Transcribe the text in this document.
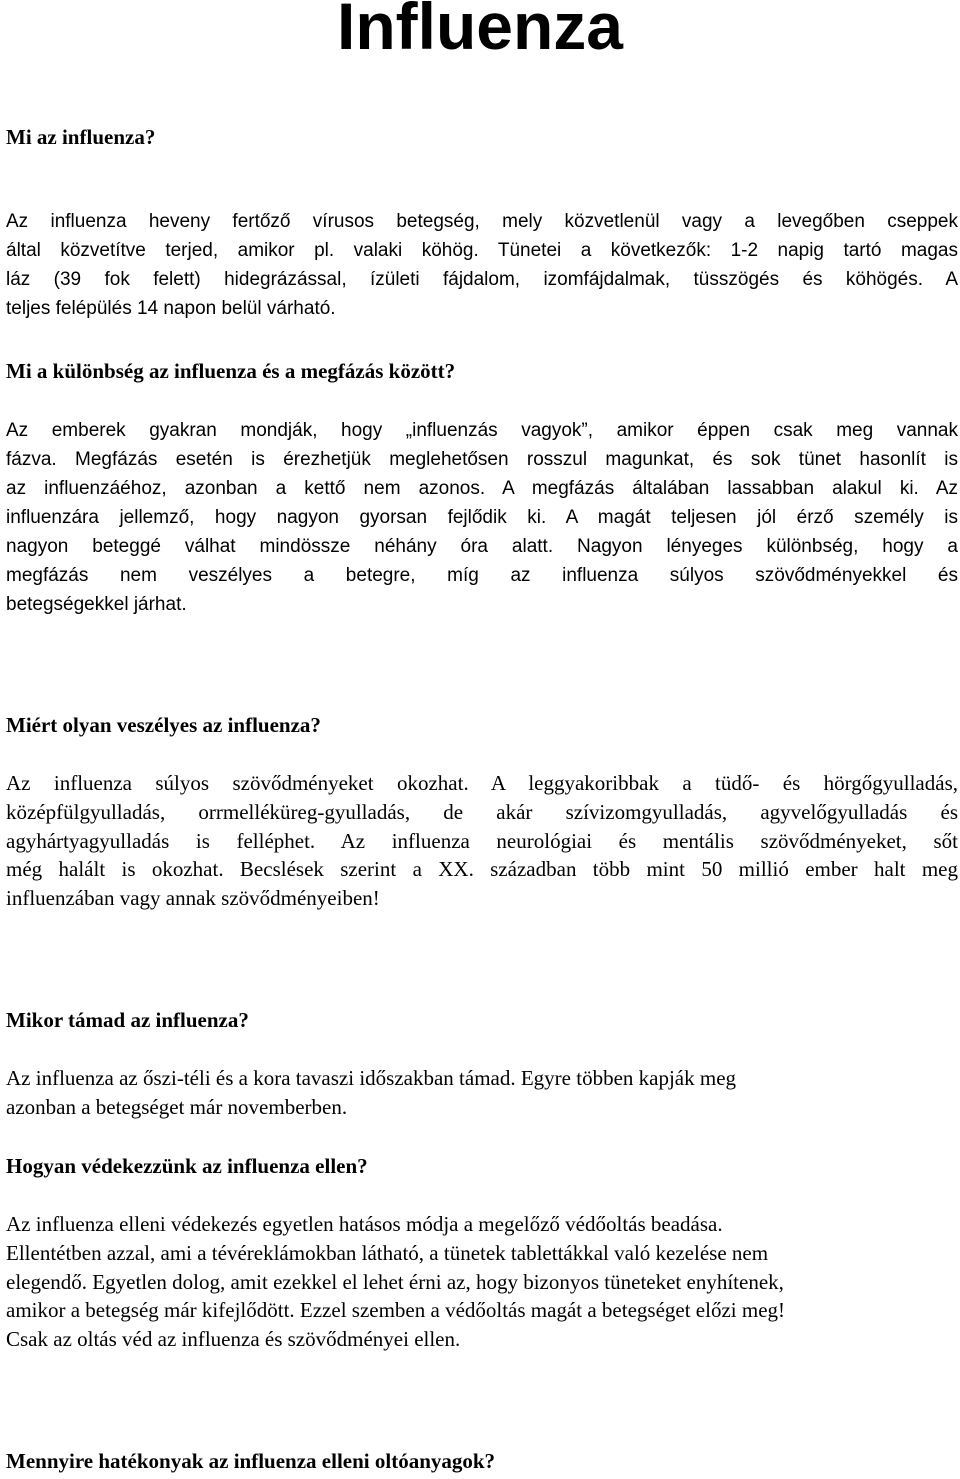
Influenza
Mi az influenza?

Az influenza heveny fertőző vírusos betegség, mely közvetlenül vagy a levegőben cseppek
által közvetítve terjed, amikor pl. valaki köhög. Tünetei a következők: 1-2 napig tartó magas
láz (39 fok felett) hidegrázással, ízületi fájdalom, izomfájdalmak, tüsszögés és köhögés. A
teljes felépülés 14 napon belül várható.

Mi a különbség az influenza és a megfázás között?

Az emberek gyakran mondják, hogy „influenzás vagyok”, amikor éppen csak meg vannak
fázva. Megfázás esetén is érezhetjük meglehetősen rosszul magunkat, és sok tünet hasonlít is
az influenzáéhoz, azonban a kettő nem azonos. A megfázás általában lassabban alakul ki. Az
influenzára jellemző, hogy nagyon gyorsan fejlődik ki. A magát teljesen jól érző személy is
nagyon beteggé válhat mindössze néhány óra alatt. Nagyon lényeges különbség, hogy a
megfázás nem veszélyes a betegre, míg az influenza súlyos szövődményekkel és
betegségekkel járhat.

Miért olyan veszélyes az influenza?

Az influenza súlyos szövődményeket okozhat. A leggyakoribbak a tüdő- és hörgőgyulladás,
középfülgyulladás, orrmelléküreg-gyulladás, de akár szívizomgyulladás, agyvelőgyulladás és
agyhártyagyulladás is felléphet. Az influenza neurológiai és mentális szövődményeket, sőt
még halált is okozhat. Becslések szerint a XX. században több mint 50 millió ember halt meg
influenzában vagy annak szövődményeiben!

Mikor támad az influenza?

Az influenza az őszi-téli és a kora tavaszi időszakban támad. Egyre többen kapják meg
azonban a betegséget már novemberben.

Hogyan védekezzünk az influenza ellen?

Az influenza elleni védekezés egyetlen hatásos módja a megelőző védőoltás beadása.
Ellentétben azzal, ami a tévéreklámokban látható, a tünetek tablettákkal való kezelése nem
elegendő. Egyetlen dolog, amit ezekkel el lehet érni az, hogy bizonyos tüneteket enyhítenek,
amikor a betegség már kifejlődött. Ezzel szemben a védőoltás magát a betegséget előzi meg!
Csak az oltás véd az influenza és szövődményei ellen.

Mennyire hatékonyak az influenza elleni oltóanyagok?
